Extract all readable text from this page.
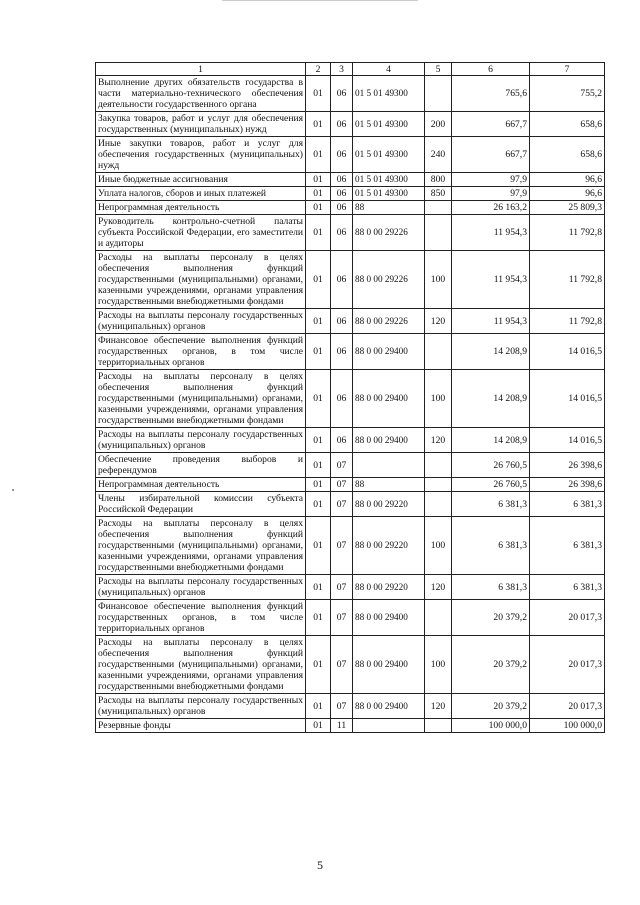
1	2	3	4	5	6	7
Выполнение других обязательств государства в части материально-технического обеспечения деятельности государственного органа	01	06	01 5 01 49300		765,6	755,2
Закупка товаров, работ и услуг для обеспечения государственных (муниципальных) нужд	01	06	01 5 01 49300	200	667,7	658,6
Иные закупки товаров, работ и услуг для обеспечения государственных (муниципальных) нужд	01	06	01 5 01 49300	240	667,7	658,6
Иные бюджетные ассигнования	01	06	01 5 01 49300	800	97,9	96,6
Уплата налогов, сборов и иных платежей	01	06	01 5 01 49300	850	97,9	96,6
Непрограммная деятельность	01	06	88		26 163,2	25 809,3
Руководитель контрольно-счетной палаты субъекта Российской Федерации, его заместители и аудиторы	01	06	88 0 00 29226		11 954,3	11 792,8
Расходы на выплаты персоналу в целях обеспечения выполнения функций государственными (муниципальными) органами, казенными учреждениями, органами управления государственными внебюджетными фондами	01	06	88 0 00 29226	100	11 954,3	11 792,8
Расходы на выплаты персоналу государственных (муниципальных) органов	01	06	88 0 00 29226	120	11 954,3	11 792,8
Финансовое обеспечение выполнения функций государственных органов, в том числе территориальных органов	01	06	88 0 00 29400		14 208,9	14 016,5
Расходы на выплаты персоналу в целях обеспечения выполнения функций государственными (муниципальными) органами, казенными учреждениями, органами управления государственными внебюджетными фондами	01	06	88 0 00 29400	100	14 208,9	14 016,5
Расходы на выплаты персоналу государственных (муниципальных) органов	01	06	88 0 00 29400	120	14 208,9	14 016,5
Обеспечение проведения выборов и референдумов	01	07			26 760,5	26 398,6
Непрограммная деятельность	01	07	88		26 760,5	26 398,6
Члены избирательной комиссии субъекта Российской Федерации	01	07	88 0 00 29220		6 381,3	6 381,3
Расходы на выплаты персоналу в целях обеспечения выполнения функций государственными (муниципальными) органами, казенными учреждениями, органами управления государственными внебюджетными фондами	01	07	88 0 00 29220	100	6 381,3	6 381,3
Расходы на выплаты персоналу государственных (муниципальных) органов	01	07	88 0 00 29220	120	6 381,3	6 381,3
Финансовое обеспечение выполнения функций государственных органов, в том числе территориальных органов	01	07	88 0 00 29400		20 379,2	20 017,3
Расходы на выплаты персоналу в целях обеспечения выполнения функций государственными (муниципальными) органами, казенными учреждениями, органами управления государственными внебюджетными фондами	01	07	88 0 00 29400	100	20 379,2	20 017,3
Расходы на выплаты персоналу государственных (муниципальных) органов	01	07	88 0 00 29400	120	20 379,2	20 017,3
Резервные фонды	01	11			100 000,0	100 000,0
5
